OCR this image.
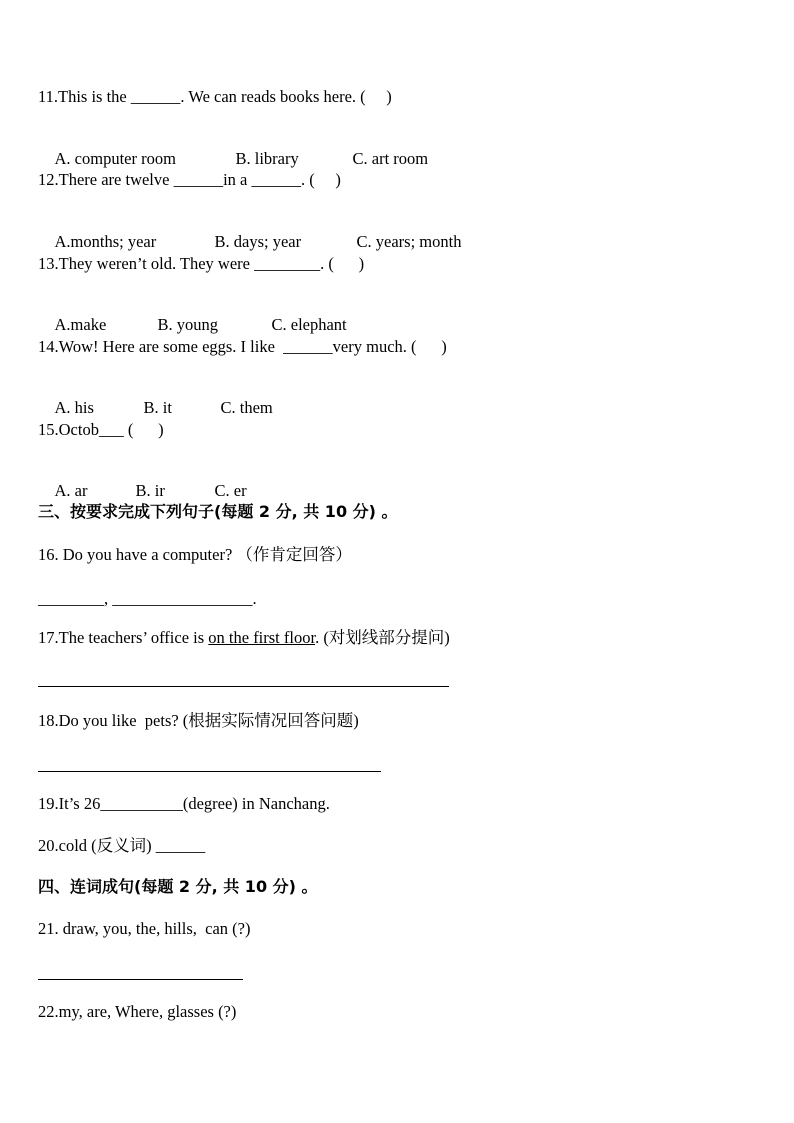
11.This is the ______. We can reads books here. (     )

A. computer room	B. library	C. art room

12.There are twelve ______in a ______. (     )

A.months; year	B. days; year	C. years; month

13.They weren’t old. They were ________. (      )

A.make	B. young	C. elephant

14.Wow! Here are some eggs. I like  ______very much. (      )

A. his	B. it	C. them

15.Octob___ (      )

A. ar	B. ir	C. er

三、按要求完成下列句子(每题 2 分, 共 10 分) 。
16. Do you have a computer? （作肯定回答）
________, _________________.
17.The teachers’ office is on the first floor. (对划线部分提问)
18.Do you like  pets? (根据实际情况回答问题)
19.It’s 26__________(degree) in Nanchang.
20.cold (反义词) ______
四、连词成句(每题 2 分, 共 10 分) 。
21. draw, you, the, hills,  can (?)
22.my, are, Where, glasses (?)
